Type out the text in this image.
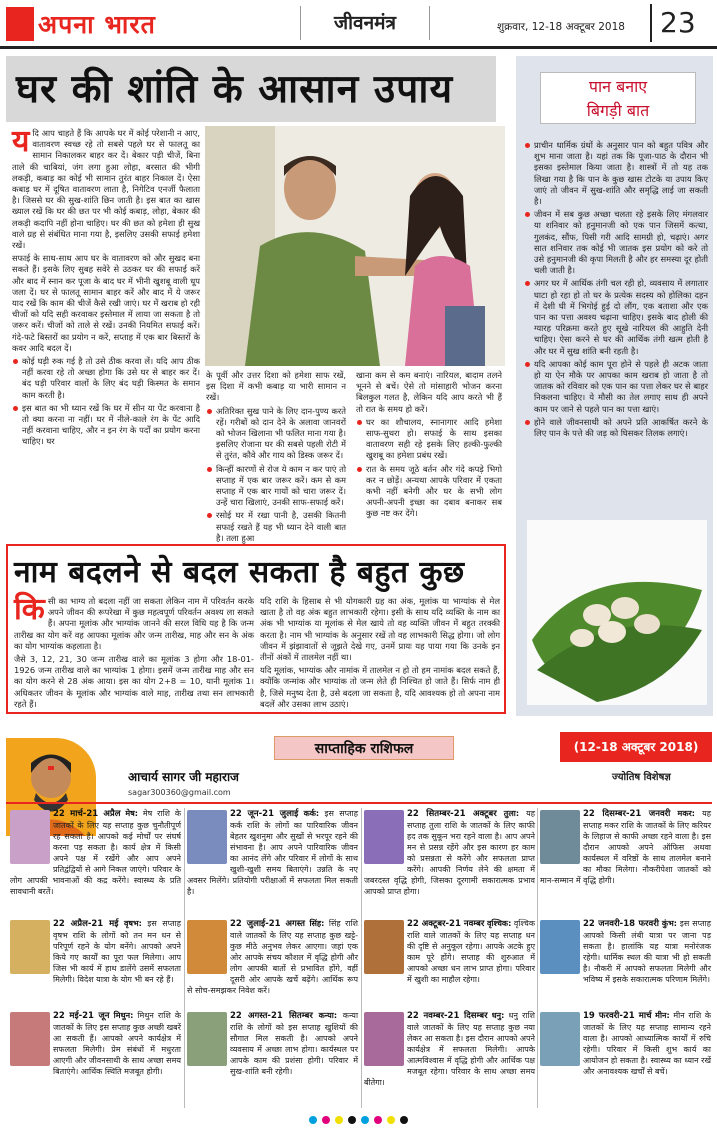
अपना भारत	जीवनमंत्र	शुक्रवार, 12-18 अक्टूबर 2018	23
घर की शांति के आसान उपाय
य दि आप चाहते हैं कि आपके घर में कोई परेशानी न आए, वातावरण स्वच्छ रहे तो सबसे पहले घर से फालतू का सामान निकालकर बाहर कर दें। बेकार पड़ी चीजें, बिना ताले की चाबियां, जंग लगा हुआ लोहा, बरसात की भीगी लकड़ी, कबाड़ का कोई भी सामान तुरंत बाहर निकाल दें। ऐसा कबाड़ घर में दूषित वातावरण लाता है, निगेटिव एनर्जी फैलाता है। जिससे घर की सुख-शांति छिन जाती है। इस बात का खास ख्याल रखें कि घर की छत पर भी कोई कबाड़, लोहा, बेकार की लकड़ी कदापि नहीं होना चाहिए। घर की छत को हमेशा ही सुख वाले ग्रह से संबंधित माना गया है, इसलिए उसकी सफाई हमेशा रखें।

सफाई के साथ-साथ आप घर के वातावरण को और सुखद बना सकते हैं। इसके लिए सुबह सवेरे से उठकर घर की सफाई करें और बाद में स्नान कर पूजा के बाद घर में भीनी खुशबू वाली धूप जला दें। घर से फालतू सामान बाहर करें और बाद में ये जरूर याद रखें कि काम की चीजें कैसे रखी जाएं। घर में खराब हो रही चीजों को यदि सही करवाकर इस्तेमाल में लाया जा सकता है तो जरूर करें। चीजों को ताले से रखें। उनकी नियमित सफाई करें। गंदे-फटे बिस्तरों का प्रयोग न करें, सप्ताह में एक बार बिस्तरों के कवर आदि बदल दें।

कोई घड़ी रुक गई है तो उसे ठीक करवा लें। यदि आप ठीक नहीं करवा रहे तो अच्छा होगा कि उसे घर से बाहर कर दें। बंद घड़ी परिवार वालों के लिए बंद घड़ी किस्मत के समान काम करती है।
इस बात का भी ध्यान रखें कि घर में सीन या पेंट करवाना है तो क्या करना ना नहीं। घर में नीले-काले रंग के पेंट आदि नहीं करवाना चाहिए, और न इन रंग के पर्दों का प्रयोग करना चाहिए। घर

के पूर्वी और उत्तर दिशा को हमेशा साफ रखें, इस दिशा में कभी कबाड़ या भारी सामान न रखें।

अतिरिक्त सुख पाने के लिए दान-पुण्य करते रहें। गरीबों को दान देने के अलावा जानवरों को भोजन खिलाना भी फलित माना गया है। इसलिए रोजाना घर की सबसे पहली रोटी में से तुरंत, कौवे और गाय को डिस्क जरूर दें।
किन्हीं कारणों से रोज ये काम न कर पाएं तो सप्ताह में एक बार जरूर करें। कम से कम सप्ताह में एक बार गायों को चारा जरूर दें। उन्हें चारा खिलाएं, उनकी साफ-सफाई करें।
रसोई घर में रखा पानी है, उसकी कितनी सफाई रखते हैं यह भी ध्यान देने वाली बात है। तला हुआ

खाना कम से कम बनाएं। नारियल, बादाम तलने भूनने से बचें। ऐसे तो मांसाहारी भोजन करना बिलकुल गलत है, लेकिन यदि आप करते भी हैं तो रात के समय हो करें।

घर का शौचालय, स्नानागार आदि हमेशा साफ-सुथरा हो। सफाई के साथ इसका वातावरण सही रहे इसके लिए हल्की-फुल्की खुशबू का हमेशा प्रबंध रखें।
रात के समय जूठे बर्तन और गंदे कपड़े भिगो कर न छोड़ें। अन्यथा आपके परिवार में एकता कभी नहीं बनेगी और घर के सभी लोग अपनी-अपनी इच्छा का दबाव बनाकर सब कुछ नष्ट कर देंगे।
पान बनाए
बिगड़ी बात
प्राचीन धार्मिक ग्रंथों के अनुसार पान को बहुत पवित्र और शुभ माना जाता है। यहां तक कि पूजा-पाठ के दौरान भी इसका इस्तेमाल किया जाता है। शास्त्रों में तो यह तक लिखा गया है कि पान के कुछ खास टोटके या उपाय किए जाएं तो जीवन में सुख-शांति और समृद्धि लाई जा सकती है।
जीवन में सब कुछ अच्छा चलता रहे इसके लिए मंगलवार या शनिवार को हनुमानजी को एक पान जिसमें कत्था, गुलकंद, सौंफ, पिसी गरी आदि सामग्री हो, चढ़ाएं। अगर सात शनिवार तक कोई भी जातक इस प्रयोग को करे तो उसे हनुमानजी की कृपा मिलती है और हर समस्या दूर होती चली जाती है।
अगर घर में आर्थिक तंगी चल रही हो, व्यवसाय में लगातार घाटा हो रहा हो तो घर के प्रत्येक सदस्य को होलिका दहन में देशी घी में भिगोई हुई दो लौंग, एक बताशा और एक पान का पत्ता अवश्य चढ़ाना चाहिए। इसके बाद होली की ग्यारह परिक्रमा करते हुए सूखे नारियल की आहुति देनी चाहिए। ऐसा करने से घर की आर्थिक तंगी खत्म होती है और घर में सुख शांति बनी रहती है।
यदि आपका कोई काम पूरा होने से पहले ही अटक जाता हो या ऐन मौके पर आपका काम खराब हो जाता है तो जातक को रविवार को एक पान का पत्ता लेकर घर से बाहर निकलना चाहिए। ये मौसी का तेल लगाए साथ ही अपने काम पर जाने से पहले पान का पत्ता खाएं।
होने वाले जीवनसाथी को अपने प्रति आकर्षित करने के लिए पान के पत्ते की जड़ को घिसकर तिलक लगाएं।
नाम बदलने से बदल सकता है बहुत कुछ
कि सी का भाग्य तो बदला नहीं जा सकता लेकिन नाम में परिवर्तन करके अपने जीवन की रूपरेखा में कुछ महत्वपूर्ण परिवर्तन अवश्य ला सकते हैं। अपना मूलांक और भाग्यांक जानने की सरल विधि यह है कि जन्म तारीख का योग करें वह आपका मूलांक और जन्म तारीख, माह और सन के अंक का योग भाग्यांक कहलाता है।

जैसे 3, 12, 21, 30 जन्म तारीख वाले का मूलांक 3 होगा और 18-01-1926 जन्म तारीख वाले का भाग्यांक 1 होगा। इसमें जन्म तारीख माह और सन का योग करने से 28 अंक आया। इस का योग 2+8 = 10, यानी मूलांक 1। अधिकतर जीवन के मूलांक और भाग्यांक वाले माह, तारीख तथा सन लाभकारी रहते हैं।

यदि राशि के हिसाब से भी योगकारी ग्रह का अंक, मूलांक या भाग्यांक से मेल खाता है तो वह अंक बहुत लाभकारी रहेगा। इसी के साथ यदि व्यक्ति के नाम का अंक भी भाग्यांक या मूलांक से मेल खाये तो वह व्यक्ति जीवन में बहुत तरक्की करता है। नाम भी भाग्यांक के अनुसार रखें तो वह लाभकारी सिद्ध होगा। जो लोग जीवन में झंझावातों से जूझते देखे गए, उनमें प्रायः यह पाया गया कि उनके इन तीनों अंकों में तालमेल नहीं था।

यदि मूलांक, भाग्यांक और नामांक में तालमेल न हो तो हम नामांक बदल सकते हैं, क्योंकि जन्मांक और भाग्यांक तो जन्म लेते ही निश्चित हो जाते हैं। सिर्फ नाम ही है, जिसे मनुष्य देता है, उसे बदला जा सकता है, यदि आवश्यक हो तो अपना नाम बदलें और उसका लाभ उठाएं।

साप्ताहिक राशिफल	(12-18 अक्टूबर 2018)
आचार्य सागर जी महाराज
sagar300360@gmail.com
ज्योतिष विशेषज्ञ
22 मार्च-21 अप्रैल मेष: मेष राशि के जातकों के लिए यह सप्ताह कुछ चुनौतीपूर्ण रह सकता है। आपको कई मोर्चों पर संघर्ष करना पड़ सकता है। कार्य क्षेत्र में किसी अपने पक्ष में रखेंगे और आप अपने प्रतिद्वंद्वियों से आगे निकल जाएंगे। परिवार के लोग आपकी भावनाओं की कद्र करेंगे। स्वास्थ्य के प्रति सावधानी बरतें।
22 जून-21 जुलाई कर्क: इस सप्ताह कर्क राशि के लोगों का पारिवारिक जीवन बेहतर खुशनुमा और सुखों से भरपूर रहने की संभावना है। आप अपने पारिवारिक जीवन का आनंद लेंगे और परिवार में लोगों के साथ खुशी-खुशी समय बिताएंगे। उन्नति के नए अवसर मिलेंगे। प्रतियोगी परीक्षाओं में सफलता मिल सकती है।
22 सितम्बर-21 अक्टूबर तुला: यह सप्ताह तुला राशि के जातकों के लिए काफी हद तक सुकून भरा रहने वाला है। आप अपने मन से प्रसन्न रहेंगे और इस कारण हर काम को प्रसन्नता से करेंगे और सफलता प्राप्त करेंगे। आपकी निर्णय लेने की क्षमता में जबरदस्त वृद्धि होगी, जिसका दूरगामी सकारात्मक प्रभाव आपको प्राप्त होगा।
22 दिसम्बर-21 जनवरी मकर: यह सप्ताह मकर राशि के जातकों के लिए करियर के लिहाज से काफी अच्छा रहने वाला है। इस दौरान आपको अपने ऑफिस अथवा कार्यस्थल में वरिष्ठों के साथ तालमेल बनाने का मौका मिलेगा। नौकरीपेशा जातकों को मान-सम्मान में वृद्धि होगी।
22 अप्रैल-21 मई वृषभ: इस सप्ताह वृषभ राशि के लोगों को तन मन धन से परिपूर्ण रहने के योग बनेंगे। आपको अपने किये गए कार्यों का पूरा फल मिलेगा। आप जिस भी कार्य में हाथ डालेंगे उसमें सफलता मिलेगी। विदेश यात्रा के योग भी बन रहे हैं।
22 जुलाई-21 अगस्त सिंह: सिंह राशि वाले जातकों के लिए यह सप्ताह कुछ खट्टे-कुछ मीठे अनुभव लेकर आएगा। जहां एक ओर आपके संचय कौशल में वृद्धि होगी और लोग आपकी बातों से प्रभावित होंगे, वहीं दूसरी ओर आपके खर्चे बढ़ेंगे। आर्थिक रूप से सोच-समझकर निवेश करें।
22 अक्टूबर-21 नवम्बर वृश्चिक: वृश्चिक राशि वाले जातकों के लिए यह सप्ताह धन की दृष्टि से अनुकूल रहेगा। आपके अटके हुए काम पूरे होंगे। सप्ताह की शुरुआत में आपको अच्छा धन लाभ प्राप्त होगा। परिवार में खुशी का माहौल रहेगा।
22 जनवरी-18 फरवरी कुंभ: इस सप्ताह आपको किसी लंबी यात्रा पर जाना पड़ सकता है। हालांकि यह यात्रा मनोरंजक रहेगी। धार्मिक स्थल की यात्रा भी हो सकती है। नौकरी में आपको सफलता मिलेगी और भविष्य में इसके सकारात्मक परिणाम मिलेंगे।
22 मई-21 जून मिथुन: मिथुन राशि के जातकों के लिए इस सप्ताह कुछ अच्छी खबरें आ सकती हैं। आपको अपने कार्यक्षेत्र में सफलता मिलेगी। प्रेम संबंधों में मधुरता आएगी और जीवनसाथी के साथ अच्छा समय बिताएंगे। आर्थिक स्थिति मजबूत होगी।
22 अगस्त-21 सितम्बर कन्या: कन्या राशि के लोगों को इस सप्ताह खुशियों की सौगात मिल सकती है। आपको अपने व्यवसाय में अच्छा लाभ होगा। कार्यस्थल पर आपके काम की प्रशंसा होगी। परिवार में सुख-शांति बनी रहेगी।
22 नवम्बर-21 दिसम्बर धनु: धनु राशि वाले जातकों के लिए यह सप्ताह कुछ नया लेकर आ सकता है। इस दौरान आपको अपने कार्यक्षेत्र में सफलता मिलेगी। आपके आत्मविश्वास में वृद्धि होगी और आर्थिक पक्ष मजबूत रहेगा। परिवार के साथ अच्छा समय बीतेगा।
19 फरवरी-21 मार्च मीन: मीन राशि के जातकों के लिए यह सप्ताह सामान्य रहने वाला है। आपको आध्यात्मिक कार्यों में रुचि रहेगी। परिवार में किसी शुभ कार्य का आयोजन हो सकता है। स्वास्थ्य का ध्यान रखें और अनावश्यक खर्चों से बचें।
